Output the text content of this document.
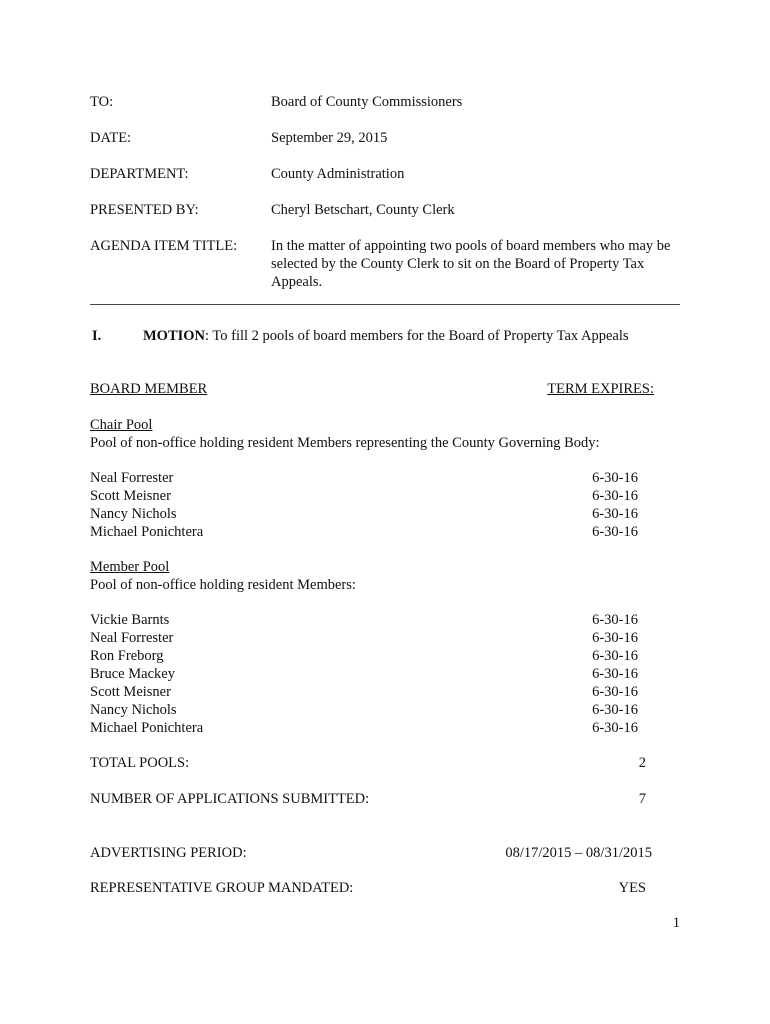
TO:	Board of County Commissioners
DATE:	September 29, 2015
DEPARTMENT:	County Administration
PRESENTED BY:	Cheryl Betschart, County Clerk
AGENDA ITEM TITLE: In the matter of appointing two pools of board members who may be selected by the County Clerk to sit on the Board of Property Tax Appeals.
I.	MOTION: To fill 2 pools of board members for the Board of Property Tax Appeals
BOARD MEMBER	TERM EXPIRES:
Chair Pool
Pool of non-office holding resident Members representing the County Governing Body:
Neal Forrester	6-30-16
Scott Meisner	6-30-16
Nancy Nichols	6-30-16
Michael Ponichtera	6-30-16
Member Pool
Pool of non-office holding resident Members:
Vickie Barnts	6-30-16
Neal Forrester	6-30-16
Ron Freborg	6-30-16
Bruce Mackey	6-30-16
Scott Meisner	6-30-16
Nancy Nichols	6-30-16
Michael Ponichtera	6-30-16
TOTAL POOLS:	2
NUMBER OF APPLICATIONS SUBMITTED:	7
ADVERTISING PERIOD:	08/17/2015 – 08/31/2015
REPRESENTATIVE GROUP MANDATED:	YES
1
